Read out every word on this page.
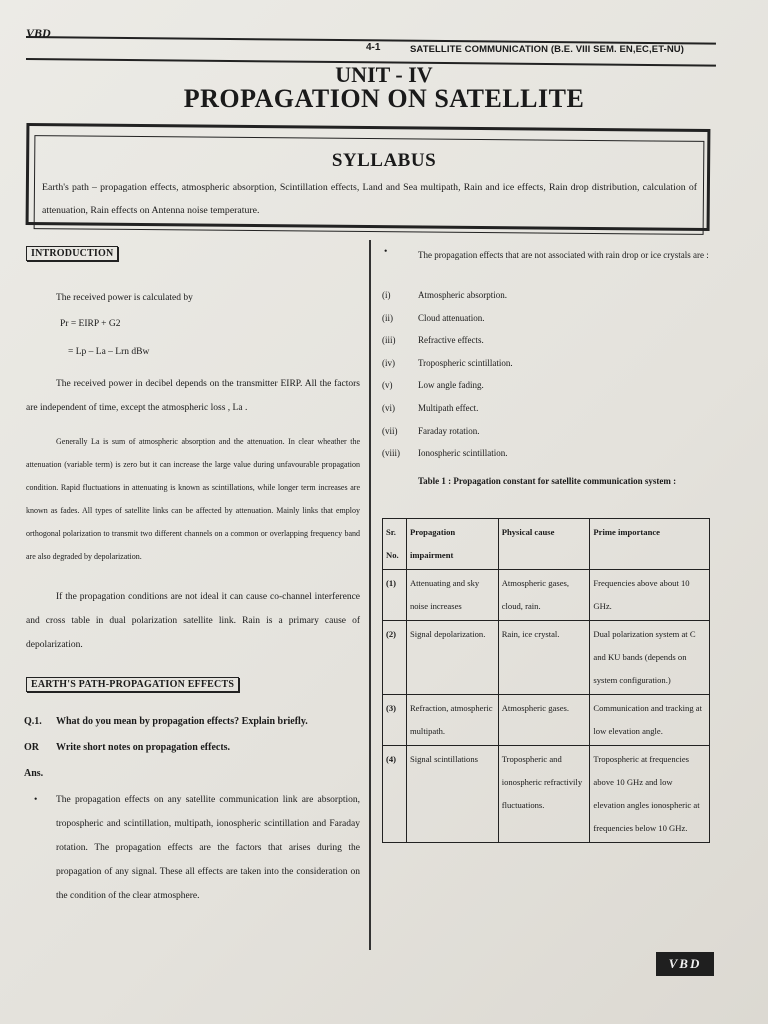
VBD
4-1	SATELLITE COMMUNICATION (B.E. VIII SEM. EN,EC,ET-NU)
UNIT - IV
PROPAGATION ON SATELLITE
SYLLABUS
Earth's path – propagation effects, atmospheric absorption, Scintillation effects, Land and Sea multipath, Rain and ice effects, Rain drop distribution, calculation of attenuation, Rain effects on Antenna noise temperature.
INTRODUCTION
The received power is calculated by
Pr = EIRP + G2
= Lp – La – Lrn dBw
The received power in decibel depends on the transmitter EIRP. All the factors are independent of time, except the atmospheric loss , La .
Generally La is sum of atmospheric absorption and the attenuation. In clear wheather the attenuation (variable term) is zero but it can increase the large value during unfavourable propagation condition. Rapid fluctuations in attenuating is known as scintillations, while longer term increases are known as fades. All types of satellite links can be affected by attenuation. Mainly links that employ orthogonal polarization to transmit two different channels on a common or overlapping frequency band are also degraded by depolarization.
If the propagation conditions are not ideal it can cause co-channel interference and cross table in dual polarization satellite link. Rain is a primary cause of depolarization.
EARTH'S PATH-PROPAGATION EFFECTS
Q.1. What do you mean by propagation effects? Explain briefly.
OR Write short notes on propagation effects.
Ans.
• The propagation effects on any satellite communication link are absorption, tropospheric and scintillation, multipath, ionospheric scintillation and Faraday rotation. The propagation effects are the factors that arises during the propagation of any signal. These all effects are taken into the consideration on the condition of the clear atmosphere.
•	The propagation effects that are not associated with rain drop or ice crystals are :
(i)	Atmospheric absorption.
(ii)	Cloud attenuation.
(iii)	Refractive effects.
(iv)	Tropospheric scintillation.
(v)	Low angle fading.
(vi)	Multipath effect.
(vii) Faraday rotation.
(viii) Ionospheric scintillation.
Table 1 : Propagation constant for satellite communication system :
Sr. No.	Propagation impairment	Physical cause	Prime importance
(1)	Attenuating and sky noise increases	Atmospheric gases, cloud, rain.	Frequencies above about 10 GHz.
(2)	Signal depolarization.	Rain, ice crystal.	Dual polarization system at C and KU bands (depends on system configuration.)
(3)	Refraction, atmospheric multipath.	Atmospheric gases.	Communication and tracking at low elevation angle.
(4)	Signal scintillations	Tropospheric and ionospheric refractivily fluctuations.	Tropospheric at frequencies above 10 GHz and low elevation angles ionospheric at frequencies below 10 GHz.
VBD
